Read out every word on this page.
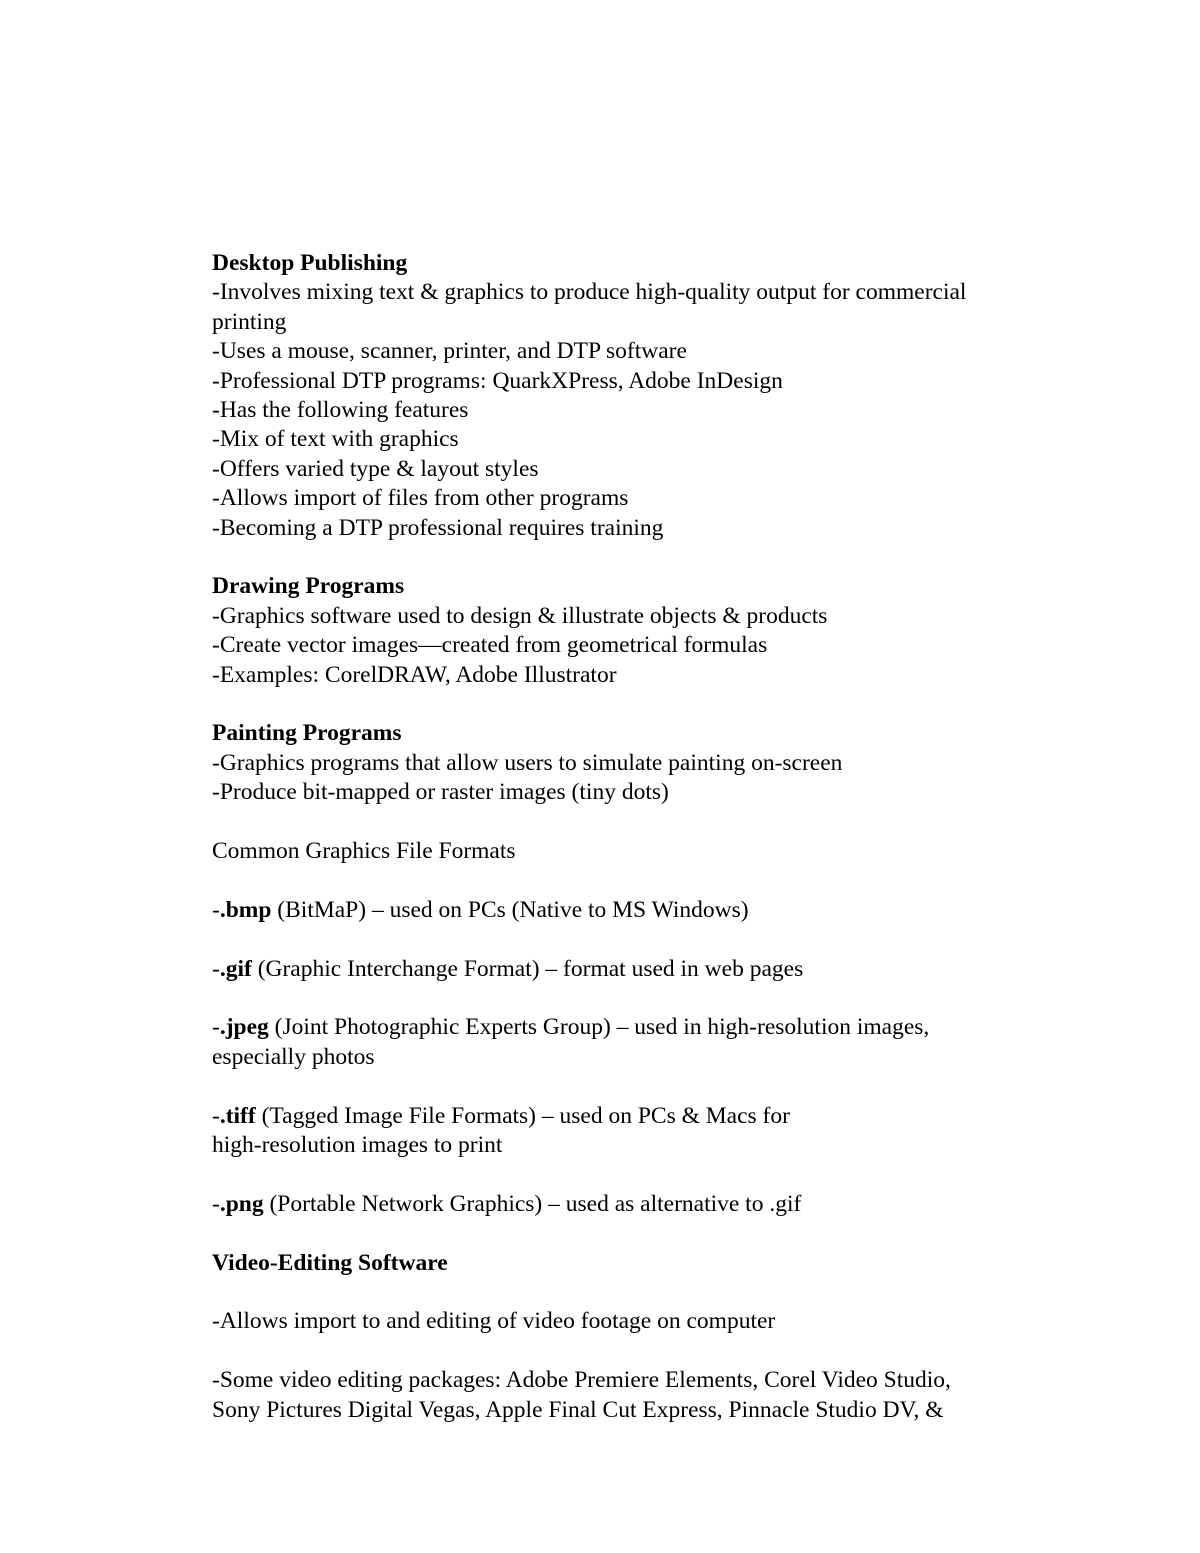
Desktop Publishing

-Involves mixing text & graphics to produce high-quality output for commercial

printing

-Uses a mouse, scanner, printer, and DTP software

-Professional DTP programs: QuarkXPress, Adobe InDesign

-Has the following features

-Mix of text with graphics

-Offers varied type & layout styles

-Allows import of files from other programs

-Becoming a DTP professional requires training

Drawing Programs

-Graphics software used to design & illustrate objects & products

-Create vector images—created from geometrical formulas

-Examples: CorelDRAW, Adobe Illustrator

Painting Programs

-Graphics programs that allow users to simulate painting on-screen

-Produce bit-mapped or raster images (tiny dots)

Common Graphics File Formats

-.bmp (BitMaP) – used on PCs (Native to MS Windows)

-.gif (Graphic Interchange Format) – format used in web pages

-.jpeg (Joint Photographic Experts Group) – used in high-resolution images,

especially photos

-.tiff (Tagged Image File Formats) – used on PCs & Macs for

high-resolution images to print

-.png (Portable Network Graphics) – used as alternative to .gif

Video-Editing Software

-Allows import to and editing of video footage on computer

-Some video editing packages: Adobe Premiere Elements, Corel Video Studio,

Sony Pictures Digital Vegas, Apple Final Cut Express, Pinnacle Studio DV, &
